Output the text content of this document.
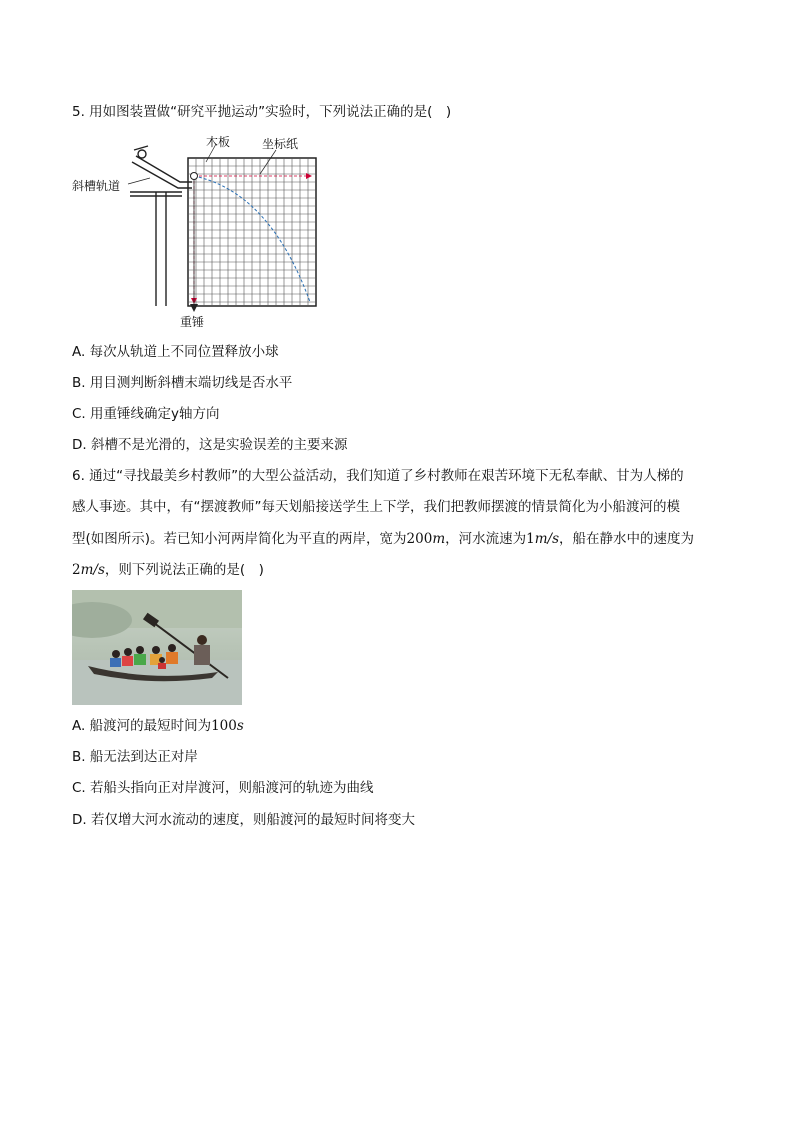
5. 用如图装置做“研究平抛运动”实验时，下列说法正确的是(　)
木板	坐标纸
斜槽轨道
重锤
A. 每次从轨道上不同位置释放小球
B. 用目测判断斜槽末端切线是否水平
C. 用重锤线确定y轴方向
D. 斜槽不是光滑的，这是实验误差的主要来源
6. 通过“寻找最美乡村教师”的大型公益活动，我们知道了乡村教师在艰苦环境下无私奉献、甘为人梯的
感人事迹。其中，有“摆渡教师”每天划船接送学生上下学，我们把教师摆渡的情景简化为小船渡河的模
型(如图所示)。若已知小河两岸简化为平直的两岸，宽为200m，河水流速为1m/s，船在静水中的速度为
2m/s，则下列说法正确的是(　)
A. 船渡河的最短时间为100s
B. 船无法到达正对岸
C. 若船头指向正对岸渡河，则船渡河的轨迹为曲线
D. 若仅增大河水流动的速度，则船渡河的最短时间将变大
